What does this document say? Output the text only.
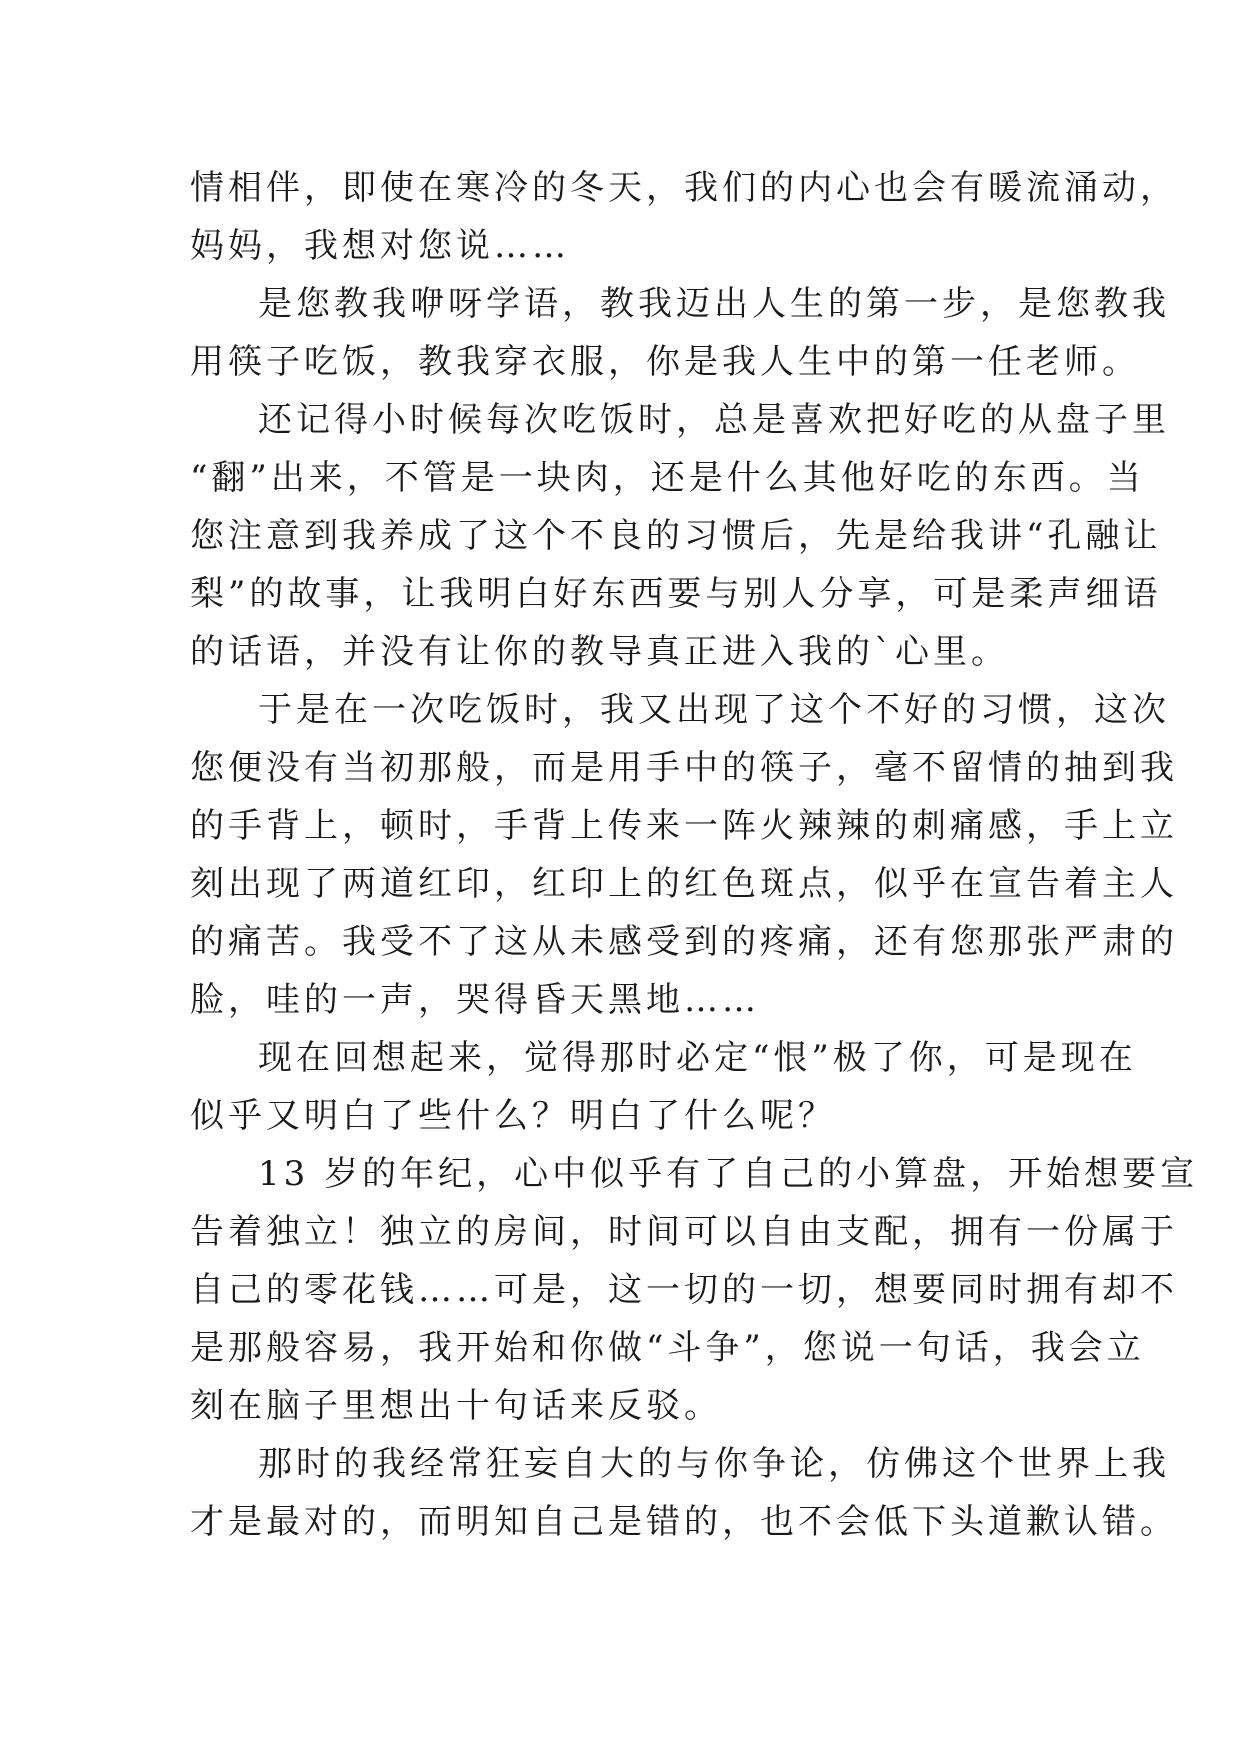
情相伴，即使在寒冷的冬天，我们的内心也会有暖流涌动，
妈妈，我想对您说……
是您教我咿呀学语，教我迈出人生的第一步，是您教我
用筷子吃饭，教我穿衣服，你是我人生中的第一任老师。
还记得小时候每次吃饭时，总是喜欢把好吃的从盘子里
“翻”出来，不管是一块肉，还是什么其他好吃的东西。当
您注意到我养成了这个不良的习惯后，先是给我讲“孔融让
梨”的故事，让我明白好东西要与别人分享，可是柔声细语
的话语，并没有让你的教导真正进入我的`心里。
于是在一次吃饭时，我又出现了这个不好的习惯，这次
您便没有当初那般，而是用手中的筷子，毫不留情的抽到我
的手背上，顿时，手背上传来一阵火辣辣的刺痛感，手上立
刻出现了两道红印，红印上的红色斑点，似乎在宣告着主人
的痛苦。我受不了这从未感受到的疼痛，还有您那张严肃的
脸，哇的一声，哭得昏天黑地……
现在回想起来，觉得那时必定“恨”极了你，可是现在
似乎又明白了些什么？明白了什么呢？
13 岁的年纪，心中似乎有了自己的小算盘，开始想要宣
告着独立！独立的房间，时间可以自由支配，拥有一份属于
自己的零花钱……可是，这一切的一切，想要同时拥有却不
是那般容易，我开始和你做“斗争”，您说一句话，我会立
刻在脑子里想出十句话来反驳。
那时的我经常狂妄自大的与你争论，仿佛这个世界上我
才是最对的，而明知自己是错的，也不会低下头道歉认错。
